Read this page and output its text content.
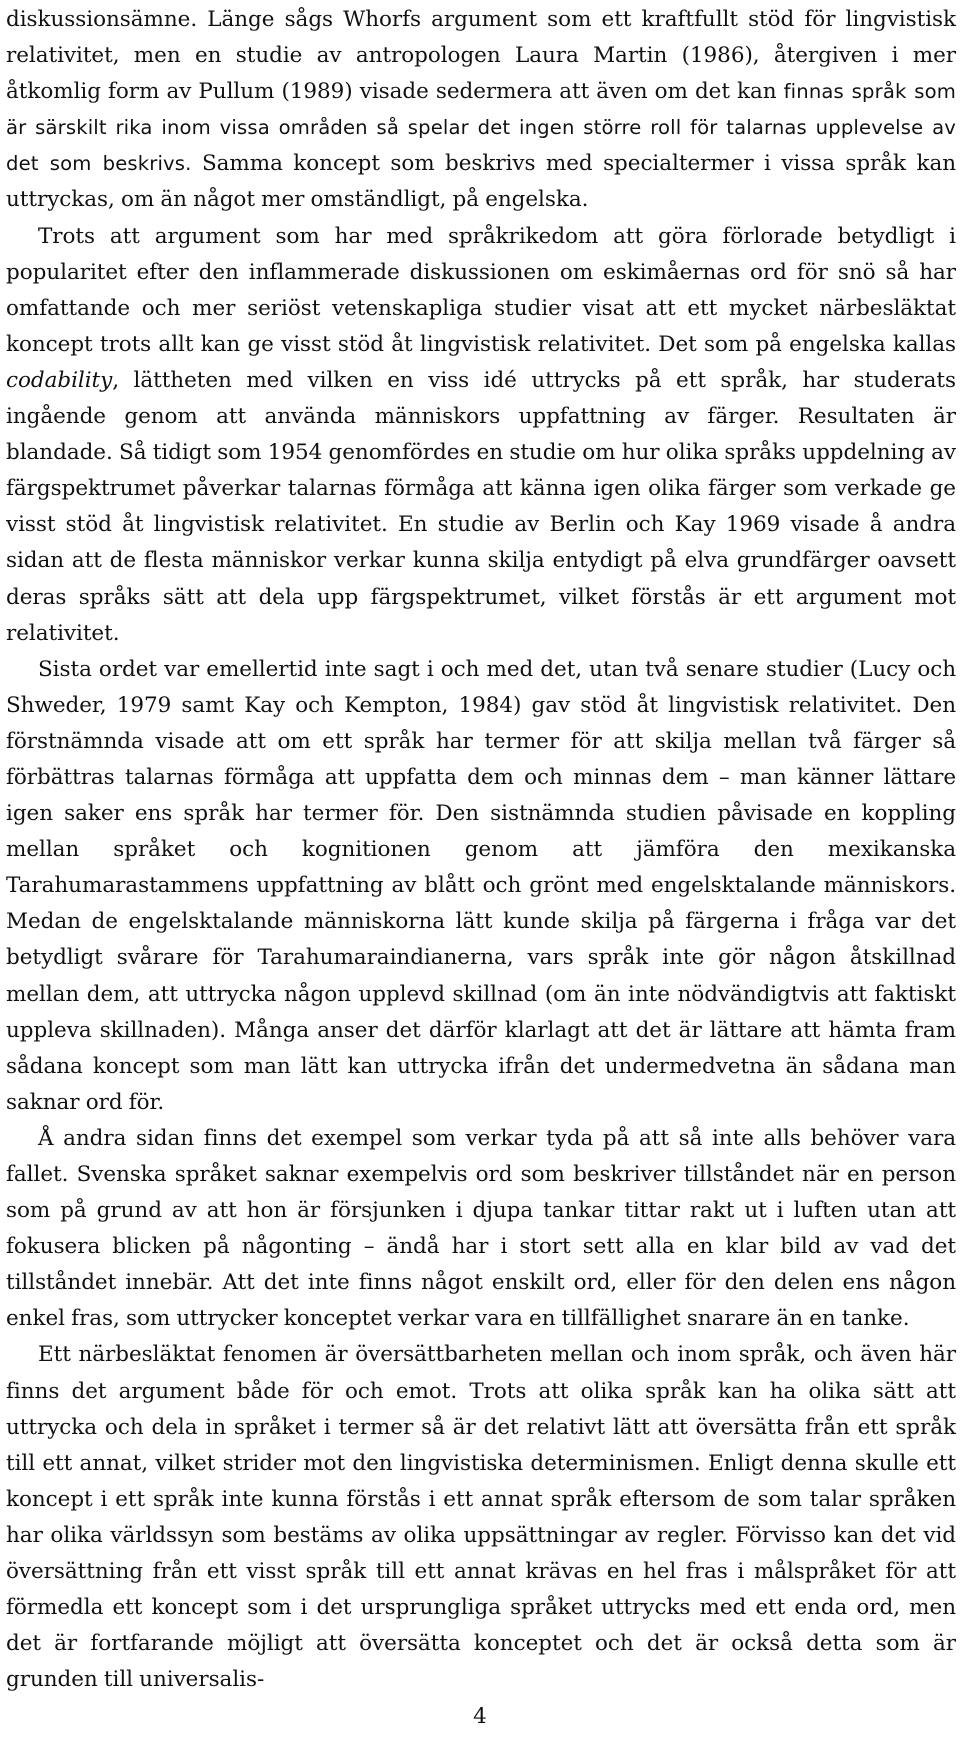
diskussionsämne. Länge sågs Whorfs argument som ett kraftfullt stöd för lingvistisk relativitet, men en studie av antropologen Laura Martin (1986), återgiven i mer åtkomlig form av Pullum (1989) visade sedermera att även om det kan finnas språk som är särskilt rika inom vissa områden så spelar det ingen större roll för talarnas upplevelse av det som beskrivs. Samma koncept som beskrivs med specialtermer i vissa språk kan uttryckas, om än något mer omständligt, på engelska.

Trots att argument som har med språkrikedom att göra förlorade betydligt i popularitet efter den inflammerade diskussionen om eskimåernas ord för snö så har omfattande och mer seriöst vetenskapliga studier visat att ett mycket närbesläktat koncept trots allt kan ge visst stöd åt lingvistisk relativitet. Det som på engelska kallas codability, lättheten med vilken en viss idé uttrycks på ett språk, har studerats ingående genom att använda människors uppfattning av färger. Resultaten är blandade. Så tidigt som 1954 genomfördes en studie om hur olika språks uppdelning av färgspektrumet påverkar talarnas förmåga att känna igen olika färger som verkade ge visst stöd åt lingvistisk relativitet. En studie av Berlin och Kay 1969 visade å andra sidan att de flesta människor verkar kunna skilja entydigt på elva grundfärger oavsett deras språks sätt att dela upp färgspektrumet, vilket förstås är ett argument mot relativitet.

Sista ordet var emellertid inte sagt i och med det, utan två senare studier (Lucy och Shweder, 1979 samt Kay och Kempton, 1984) gav stöd åt lingvistisk relativitet. Den förstnämnda visade att om ett språk har termer för att skilja mellan två färger så förbättras talarnas förmåga att uppfatta dem och minnas dem – man känner lättare igen saker ens språk har termer för. Den sistnämnda studien påvisade en koppling mellan språket och kognitionen genom att jämföra den mexikanska Tarahumarastammens uppfattning av blått och grönt med engelsktalande människors. Medan de engelsktalande människorna lätt kunde skilja på färgerna i fråga var det betydligt svårare för Tarahumaraindianerna, vars språk inte gör någon åtskillnad mellan dem, att uttrycka någon upplevd skillnad (om än inte nödvändigtvis att faktiskt uppleva skillnaden). Många anser det därför klarlagt att det är lättare att hämta fram sådana koncept som man lätt kan uttrycka ifrån det undermedvetna än sådana man saknar ord för.

Å andra sidan finns det exempel som verkar tyda på att så inte alls behöver vara fallet. Svenska språket saknar exempelvis ord som beskriver tillståndet när en person som på grund av att hon är försjunken i djupa tankar tittar rakt ut i luften utan att fokusera blicken på någonting – ändå har i stort sett alla en klar bild av vad det tillståndet innebär. Att det inte finns något enskilt ord, eller för den delen ens någon enkel fras, som uttrycker konceptet verkar vara en tillfällighet snarare än en tanke.

Ett närbesläktat fenomen är översättbarheten mellan och inom språk, och även här finns det argument både för och emot. Trots att olika språk kan ha olika sätt att uttrycka och dela in språket i termer så är det relativt lätt att översätta från ett språk till ett annat, vilket strider mot den lingvistiska determinismen. Enligt denna skulle ett koncept i ett språk inte kunna förstås i ett annat språk eftersom de som talar språken har olika världssyn som bestäms av olika uppsättningar av regler. Förvisso kan det vid översättning från ett visst språk till ett annat krävas en hel fras i målspråket för att förmedla ett koncept som i det ursprungliga språket uttrycks med ett enda ord, men det är fortfarande möjligt att översätta konceptet och det är också detta som är grunden till universalis-

4
